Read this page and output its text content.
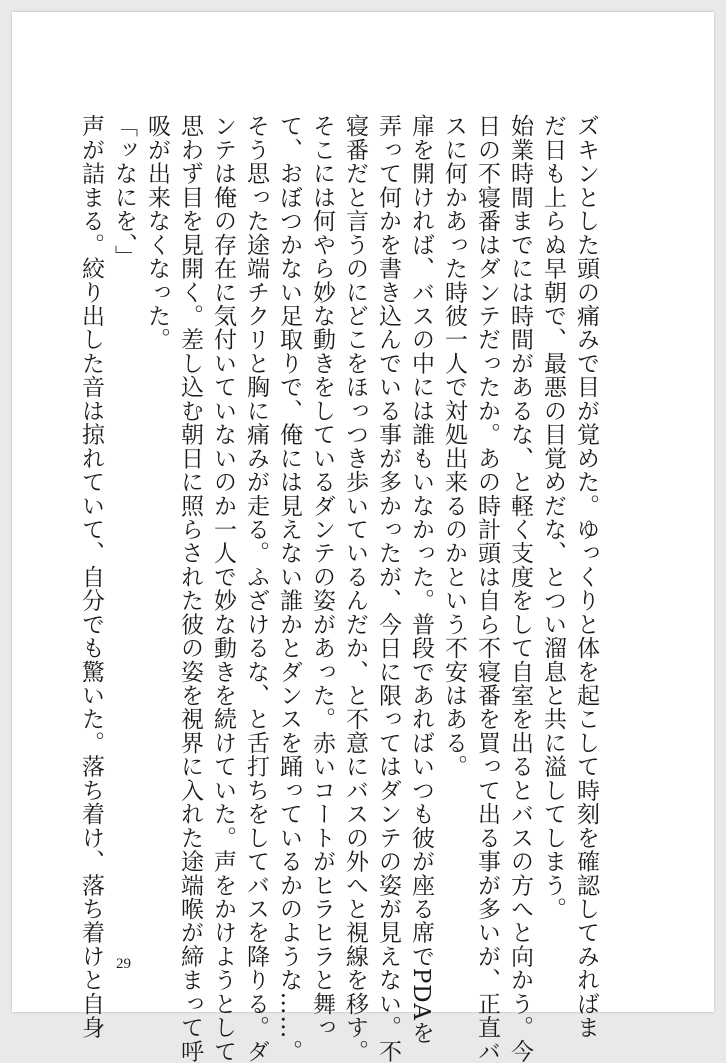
ズキンとした頭の痛みで目が覚めた。ゆっくりと体を起こして時刻を確認してみればま
だ日も上らぬ早朝で、最悪の目覚めだな、とつい溜息と共に溢してしまう。
始業時間までには時間があるな、と軽く支度をして自室を出るとバスの方へと向かう。今
日の不寝番はダンテだったか。あの時計頭は自ら不寝番を買って出る事が多いが、正直バ
スに何かあった時彼一人で対処出来るのかという不安はある。
扉を開ければ、バスの中には誰もいなかった。普段であればいつも彼が座る席でPDAを
弄って何かを書き込んでいる事が多かったが、今日に限ってはダンテの姿が見えない。不
寝番だと言うのにどこをほっつき歩いているんだか、と不意にバスの外へと視線を移す。
そこには何やら妙な動きをしているダンテの姿があった。赤いコートがヒラヒラと舞っ
て、おぼつかない足取りで、俺には見えない誰かとダンスを踊っているかのような……。
そう思った途端チクリと胸に痛みが走る。ふざけるな、と舌打ちをしてバスを降りる。ダ
ンテは俺の存在に気付いていないのか一人で妙な動きを続けていた。声をかけようとして
思わず目を見開く。差し込む朝日に照らされた彼の姿を視界に入れた途端喉が締まって呼
吸が出来なくなった。
「ッなにを、」
声が詰まる。絞り出した音は掠れていて、自分でも驚いた。落ち着け、落ち着けと自身 29
